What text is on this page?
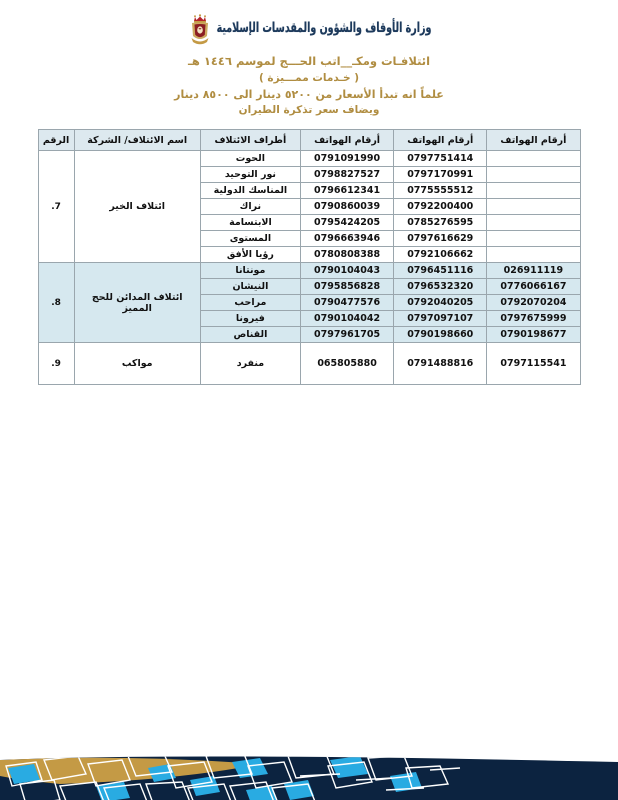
وزارة الأوقاف والشؤون والمقدسات الإسلامية
ائتلافـات ومكـ__اتب الحـــج لموسم ١٤٤٦ هـ
( خـدمات ممـــيزة )
علماً انه تبدأ الأسعار من ٥٢٠٠ دينار الى ٨٥٠٠ دينار
ويضاف سعر تذكرة الطيران
أرقام الهواتف	أرقام الهواتف	أرقام الهواتف	أطراف الائتلاف	اسم الائتلاف/ الشركة	الرقم
	0797751414	0791091990	الحوت	ائتلاف الخير	.7
	0797170991	0798827527	نور التوحيد		
	0775555512	0796612341	المناسك الدولية		
	0792200400	0790860039	نراك		
	0785276595	0795424205	الابتسامة		
	0797616629	0796663946	المستوى		
	0792106662	0780808388	رؤيا الأفق		
026911119	0796451116	0790104043	مونتانا	ائتلاف المدائن للحج المميز	.8
0776066167	0796532320	0795856828	النيشان		
0792070204	0792040205	0790477576	مراحب		
0797675999	0797097107	0790104042	فيرونا		
0790198677	0790198660	0797961705	القناص		
0797115541	0791488816	065805880	منفرد	مواكب	.9
